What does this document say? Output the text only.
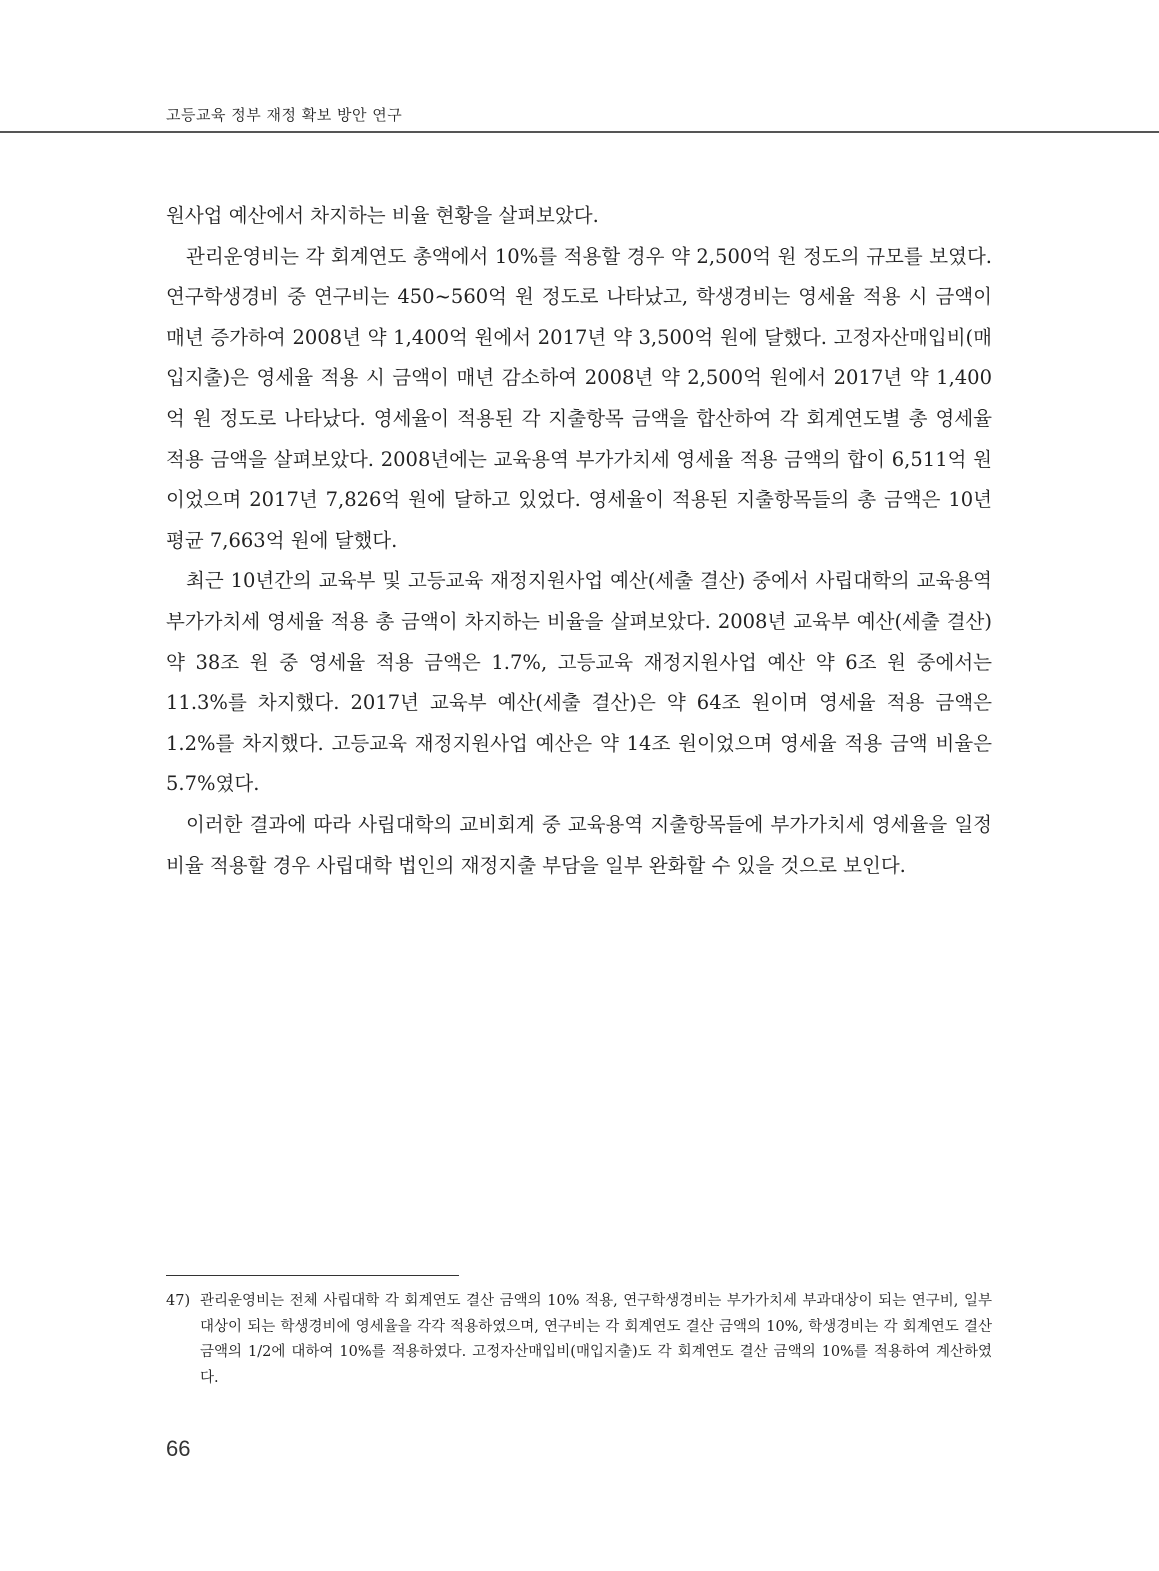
고등교육 정부 재정 확보 방안 연구

원사업 예산에서 차지하는 비율 현황을 살펴보았다.

관리운영비는 각 회계연도 총액에서 10%를 적용할 경우 약 2,500억 원 정도의 규모를 보였다. 연구학생경비 중 연구비는 450~560억 원 정도로 나타났고, 학생경비는 영세율 적용 시 금액이 매년 증가하여 2008년 약 1,400억 원에서 2017년 약 3,500억 원에 달했다. 고정자산매입비(매입지출)은 영세율 적용 시 금액이 매년 감소하여 2008년 약 2,500억 원에서 2017년 약 1,400억 원 정도로 나타났다. 영세율이 적용된 각 지출항목 금액을 합산하여 각 회계연도별 총 영세율 적용 금액을 살펴보았다. 2008년에는 교육용역 부가가치세 영세율 적용 금액의 합이 6,511억 원이었으며 2017년 7,826억 원에 달하고 있었다. 영세율이 적용된 지출항목들의 총 금액은 10년 평균 7,663억 원에 달했다.

최근 10년간의 교육부 및 고등교육 재정지원사업 예산(세출 결산) 중에서 사립대학의 교육용역 부가가치세 영세율 적용 총 금액이 차지하는 비율을 살펴보았다. 2008년 교육부 예산(세출 결산) 약 38조 원 중 영세율 적용 금액은 1.7%, 고등교육 재정지원사업 예산 약 6조 원 중에서는 11.3%를 차지했다. 2017년 교육부 예산(세출 결산)은 약 64조 원이며 영세율 적용 금액은 1.2%를 차지했다. 고등교육 재정지원사업 예산은 약 14조 원이었으며 영세율 적용 금액 비율은 5.7%였다.

이러한 결과에 따라 사립대학의 교비회계 중 교육용역 지출항목들에 부가가치세 영세율을 일정 비율 적용할 경우 사립대학 법인의 재정지출 부담을 일부 완화할 수 있을 것으로 보인다.

47) 관리운영비는 전체 사립대학 각 회계연도 결산 금액의 10% 적용, 연구학생경비는 부가가치세 부과대상이 되는 연구비, 일부 대상이 되는 학생경비에 영세율을 각각 적용하였으며, 연구비는 각 회계연도 결산 금액의 10%, 학생경비는 각 회계연도 결산 금액의 1/2에 대하여 10%를 적용하였다. 고정자산매입비(매입지출)도 각 회계연도 결산 금액의 10%를 적용하여 계산하였다.
66
